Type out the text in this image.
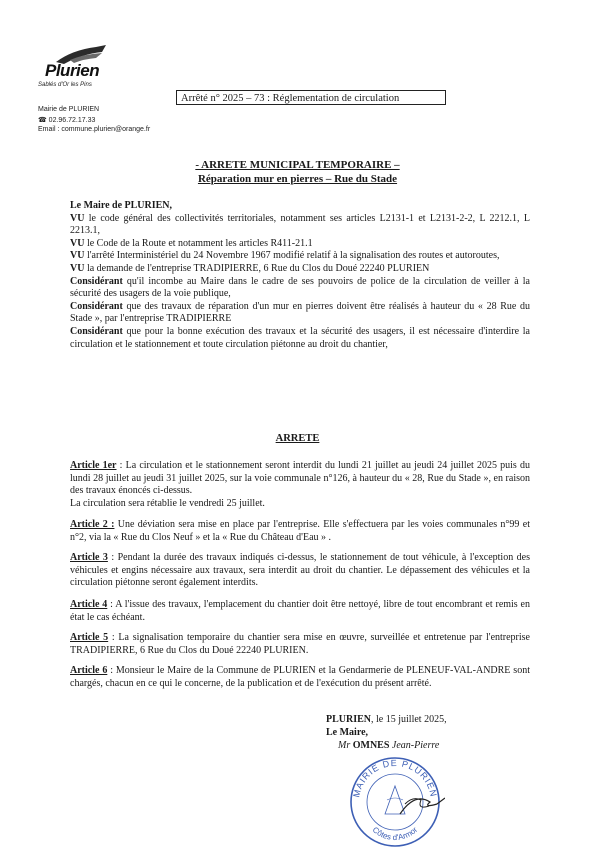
Plurien
Sablés d'Or les Pins
Mairie de PLURIEN
☎ 02.96.72.17.33
Email : commune.plurien@orange.fr
Arrêté n° 2025 – 73 : Réglementation de circulation
- ARRETE MUNICIPAL TEMPORAIRE –
Réparation mur en pierres – Rue du Stade

Le Maire de PLURIEN,

VU le code général des collectivités territoriales, notamment ses articles L2131-1 et L2131-2-2, L 2212.1, L 2213.1,

VU le Code de la Route et notamment les articles R411-21.1

VU l'arrêté Interministériel du 24 Novembre 1967 modifié relatif à la signalisation des routes et autoroutes,

VU la demande de l'entreprise TRADIPIERRE, 6 Rue du Clos du Doué 22240 PLURIEN

Considérant qu'il incombe au Maire dans le cadre de ses pouvoirs de police de la circulation de veiller à la sécurité des usagers de la voie publique,

Considérant que des travaux de réparation d'un mur en pierres doivent être réalisés à hauteur du « 28 Rue du Stade », par l'entreprise TRADIPIERRE

Considérant que pour la bonne exécution des travaux et la sécurité des usagers, il est nécessaire d'interdire la circulation et le stationnement et toute circulation piétonne au droit du chantier,

ARRETE
Article 1er : La circulation et le stationnement seront interdit du lundi 21 juillet au jeudi 24 juillet 2025 puis du lundi 28 juillet au jeudi 31 juillet 2025, sur la voie communale n°126, à hauteur du « 28, Rue du Stade », en raison des travaux énoncés ci-dessus.
La circulation sera rétablie le vendredi 25 juillet.
Article 2 : Une déviation sera mise en place par l'entreprise. Elle s'effectuera par les voies communales n°99 et n°2, via la « Rue du Clos Neuf » et la « Rue du Château d'Eau » .
Article 3 : Pendant la durée des travaux indiqués ci-dessus, le stationnement de tout véhicule, à l'exception des véhicules et engins nécessaire aux travaux, sera interdit au droit du chantier. Le dépassement des véhicules et la circulation piétonne seront également interdits.
Article 4 : A l'issue des travaux, l'emplacement du chantier doit être nettoyé, libre de tout encombrant et remis en état le cas échéant.
Article 5 : La signalisation temporaire du chantier sera mise en œuvre, surveillée et entretenue par l'entreprise TRADIPIERRE, 6 Rue du Clos du Doué 22240 PLURIEN.
Article 6 : Monsieur le Maire de la Commune de PLURIEN et la Gendarmerie de PLENEUF-VAL-ANDRE sont chargés, chacun en ce qui le concerne, de la publication et de l'exécution du présent arrêté.
PLURIEN, le 15 juillet 2025,
Le Maire,
Mr OMNES Jean-Pierre
MAIRIE DE PLURIEN
Côtes d'Armor
